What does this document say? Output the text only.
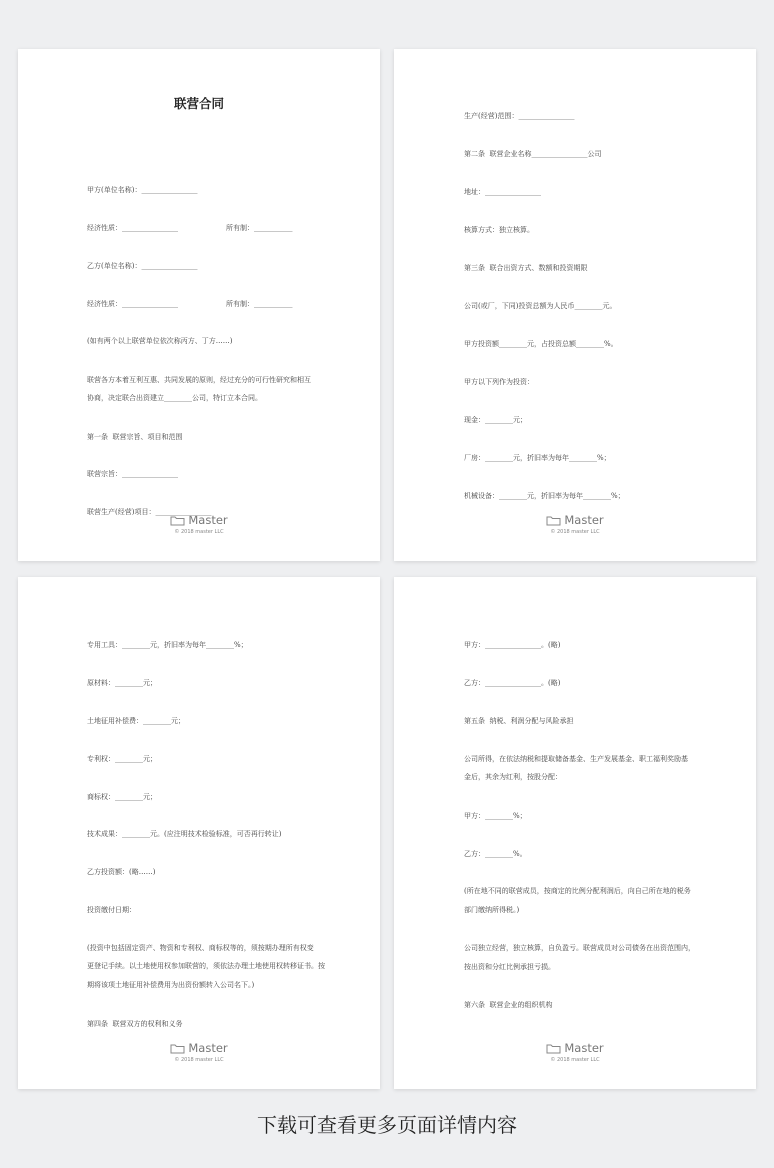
联营合同
甲方(单位名称)：________________
经济性质：________________	所有制：___________
乙方(单位名称)：________________
经济性质：________________	所有制：___________
(如有两个以上联营单位依次称丙方、丁方……)
联营各方本着互利互惠、共同发展的原则，经过充分的可行性研究和相互
协商，决定联合出资建立________公司，特订立本合同。
第一条  联营宗旨、项目和范围
联营宗旨：________________
联营生产(经营)项目：________________
Master
© 2018 master LLC
生产(经营)范围：________________
第二条  联营企业名称________________公司
地址：________________
核算方式：独立核算。
第三条  联合出资方式、数额和投资期限
公司(或厂，下同)投资总额为人民币________元。
甲方投资额________元，占投资总额________%。
甲方以下列作为投资：
现金：________元；
厂房：________元，折旧率为每年________%；
机械设备：________元，折旧率为每年________%；
Master
© 2018 master LLC
专用工具：________元，折旧率为每年________%；
原材料：________元；
土地征用补偿费：________元；
专利权：________元；
商标权：________元；
技术成果：________元。(应注明技术检验标准，可否再行转让)
乙方投资额：(略……)
投资缴付日期：
(投资中包括固定资产、物资和专利权、商标权等的，须按期办理所有权变
更登记手续。以土地使用权参加联营的，须依法办理土地使用权转移证书。按
期将该项土地征用补偿费用为出资份额转入公司名下。)
第四条  联营双方的权利和义务
Master
© 2018 master LLC
甲方：________________。(略)
乙方：________________。(略)
第五条  纳税、利润分配与风险承担
公司所得，在依法纳税和提取储备基金、生产发展基金、职工福利奖励基
金后，其余为红利，按股分配：
甲方：________%；
乙方：________%。
(所在地不同的联营成员，按商定的比例分配利润后，向自己所在地的税务
部门缴纳所得税。)
公司独立经营，独立核算，自负盈亏。联营成员对公司债务在出资范围内，
按出资和分红比例承担亏损。
第六条  联营企业的组织机构
Master
© 2018 master LLC
下载可查看更多页面详情内容
